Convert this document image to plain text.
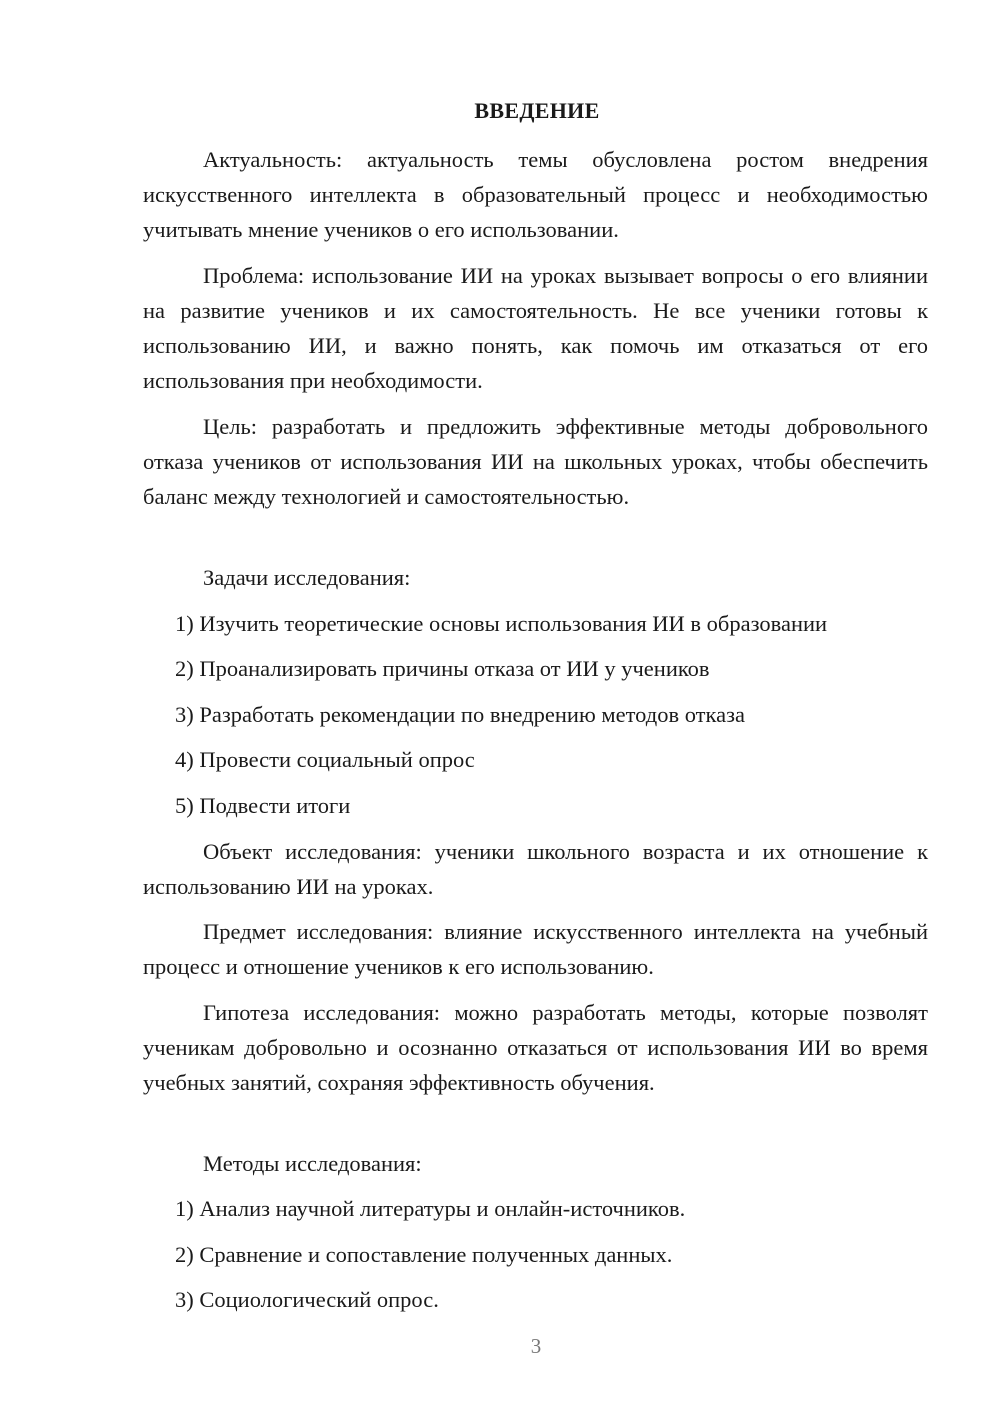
ВВЕДЕНИЕ

Актуальность: актуальность темы обусловлена ростом внедрения искусственного интеллекта в образовательный процесс и необходимостью учитывать мнение учеников о его использовании.

Проблема: использование ИИ на уроках вызывает вопросы о его влиянии на развитие учеников и их самостоятельность. Не все ученики готовы к использованию ИИ, и важно понять, как помочь им отказаться от его использования при необходимости.

Цель: разработать и предложить эффективные методы добровольного отказа учеников от использования ИИ на школьных уроках, чтобы обеспечить баланс между технологией и самостоятельностью.

Задачи исследования:

1) Изучить теоретические основы использования ИИ в образовании

2) Проанализировать причины отказа от ИИ у учеников

3) Разработать рекомендации по внедрению методов отказа

4) Провести социальный опрос

5) Подвести итоги

Объект исследования: ученики школьного возраста и их отношение к использованию ИИ на уроках.

Предмет исследования: влияние искусственного интеллекта на учебный процесс и отношение учеников к его использованию.

Гипотеза исследования: можно разработать методы, которые позволят ученикам добровольно и осознанно отказаться от использования ИИ во время учебных занятий, сохраняя эффективность обучения.

Методы исследования:

1) Анализ научной литературы и онлайн-источников.

2) Сравнение и сопоставление полученных данных.

3) Социологический опрос.

3
